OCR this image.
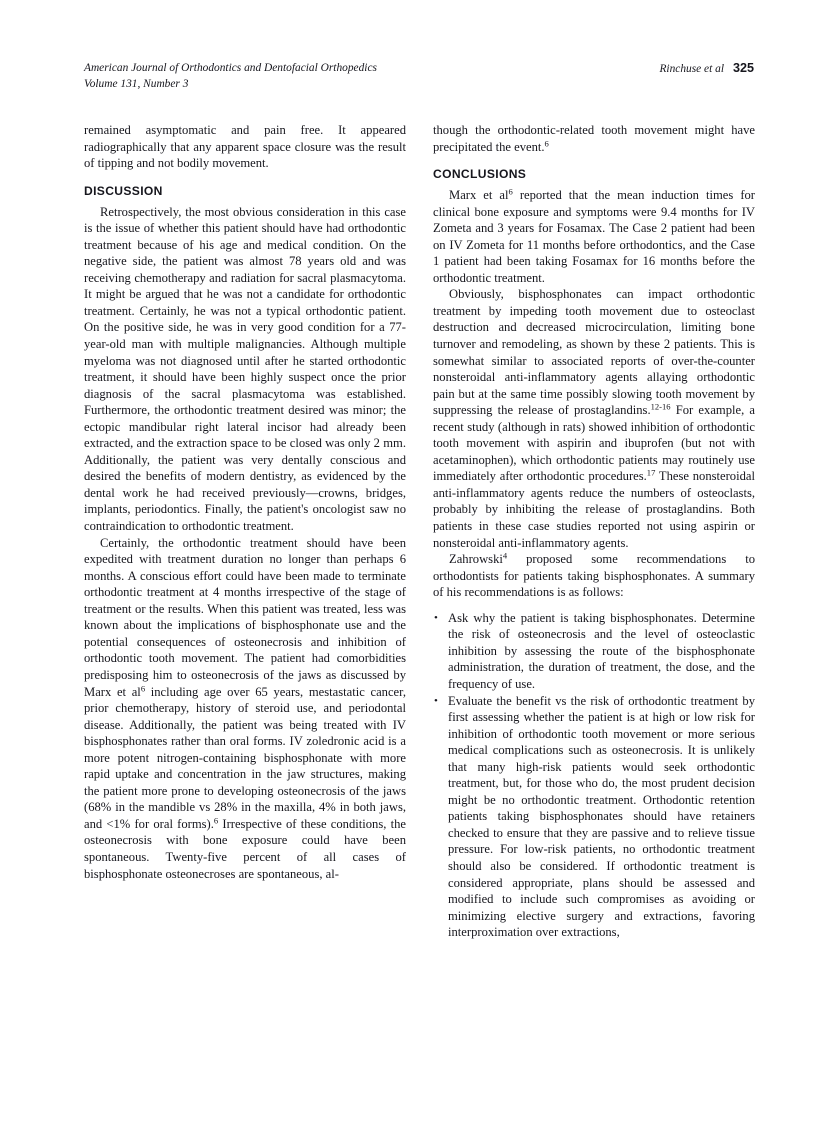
American Journal of Orthodontics and Dentofacial Orthopedics
Volume 131, Number 3
Rinchuse et al 325

remained asymptomatic and pain free. It appeared radiographically that any apparent space closure was the result of tipping and not bodily movement.

DISCUSSION

Retrospectively, the most obvious consideration in this case is the issue of whether this patient should have had orthodontic treatment because of his age and medical condition. On the negative side, the patient was almost 78 years old and was receiving chemotherapy and radiation for sacral plasmacytoma. It might be argued that he was not a candidate for orthodontic treatment. Certainly, he was not a typical orthodontic patient. On the positive side, he was in very good condition for a 77-year-old man with multiple malignancies. Although multiple myeloma was not diagnosed until after he started orthodontic treatment, it should have been highly suspect once the prior diagnosis of the sacral plasmacytoma was established. Furthermore, the orthodontic treatment desired was minor; the ectopic mandibular right lateral incisor had already been extracted, and the extraction space to be closed was only 2 mm. Additionally, the patient was very dentally conscious and desired the benefits of modern dentistry, as evidenced by the dental work he had received previously—crowns, bridges, implants, periodontics. Finally, the patient's oncologist saw no contraindication to orthodontic treatment.

Certainly, the orthodontic treatment should have been expedited with treatment duration no longer than perhaps 6 months. A conscious effort could have been made to terminate orthodontic treatment at 4 months irrespective of the stage of treatment or the results. When this patient was treated, less was known about the implications of bisphosphonate use and the potential consequences of osteonecrosis and inhibition of orthodontic tooth movement. The patient had comorbidities predisposing him to osteonecrosis of the jaws as discussed by Marx et $al^6$ including age over 65 years, mestastatic cancer, prior chemotherapy, history of steroid use, and periodontal disease. Additionally, the patient was being treated with IV bisphosphonates rather than oral forms. IV zoledronic acid is a more potent nitrogen-containing bisphosphonate with more rapid uptake and concentration in the jaw structures, making the patient more prone to developing osteonecrosis of the jaws (68% in the mandible vs 28% in the maxilla, 4% in both jaws, and <1% for oral forms).$^6$ Irrespective of these conditions, the osteonecrosis with bone exposure could have been spontaneous. Twenty-five percent of all cases of bisphosphonate osteonecroses are spontaneous, al-

though the orthodontic-related tooth movement might have precipitated the event.$^6$

CONCLUSIONS

Marx et $al^6$ reported that the mean induction times for clinical bone exposure and symptoms were 9.4 months for IV Zometa and 3 years for Fosamax. The Case 2 patient had been on IV Zometa for 11 months before orthodontics, and the Case 1 patient had been taking Fosamax for 16 months before the orthodontic treatment.

Obviously, bisphosphonates can impact orthodontic treatment by impeding tooth movement due to osteoclast destruction and decreased microcirculation, limiting bone turnover and remodeling, as shown by these 2 patients. This is somewhat similar to associated reports of over-the-counter nonsteroidal anti-inflammatory agents allaying orthodontic pain but at the same time possibly slowing tooth movement by suppressing the release of prostaglandins.$^{12-16}$ For example, a recent study (although in rats) showed inhibition of orthodontic tooth movement with aspirin and ibuprofen (but not with acetaminophen), which orthodontic patients may routinely use immediately after orthodontic procedures.$^{17}$ These nonsteroidal anti-inflammatory agents reduce the numbers of osteoclasts, probably by inhibiting the release of prostaglandins. Both patients in these case studies reported not using aspirin or nonsteroidal anti-inflammatory agents.

Zahrowski$^4$ proposed some recommendations to orthodontists for patients taking bisphosphonates. A summary of his recommendations is as follows:

• Ask why the patient is taking bisphosphonates. Determine the risk of osteonecrosis and the level of osteoclastic inhibition by assessing the route of the bisphosphonate administration, the duration of treatment, the dose, and the frequency of use.
• Evaluate the benefit vs the risk of orthodontic treatment by first assessing whether the patient is at high or low risk for inhibition of orthodontic tooth movement or more serious medical complications such as osteonecrosis. It is unlikely that many high-risk patients would seek orthodontic treatment, but, for those who do, the most prudent decision might be no orthodontic treatment. Orthodontic retention patients taking bisphosphonates should have retainers checked to ensure that they are passive and to relieve tissue pressure. For low-risk patients, no orthodontic treatment should also be considered. If orthodontic treatment is considered appropriate, plans should be assessed and modified to include such compromises as avoiding or minimizing elective surgery and extractions, favoring interproximation over extractions,
